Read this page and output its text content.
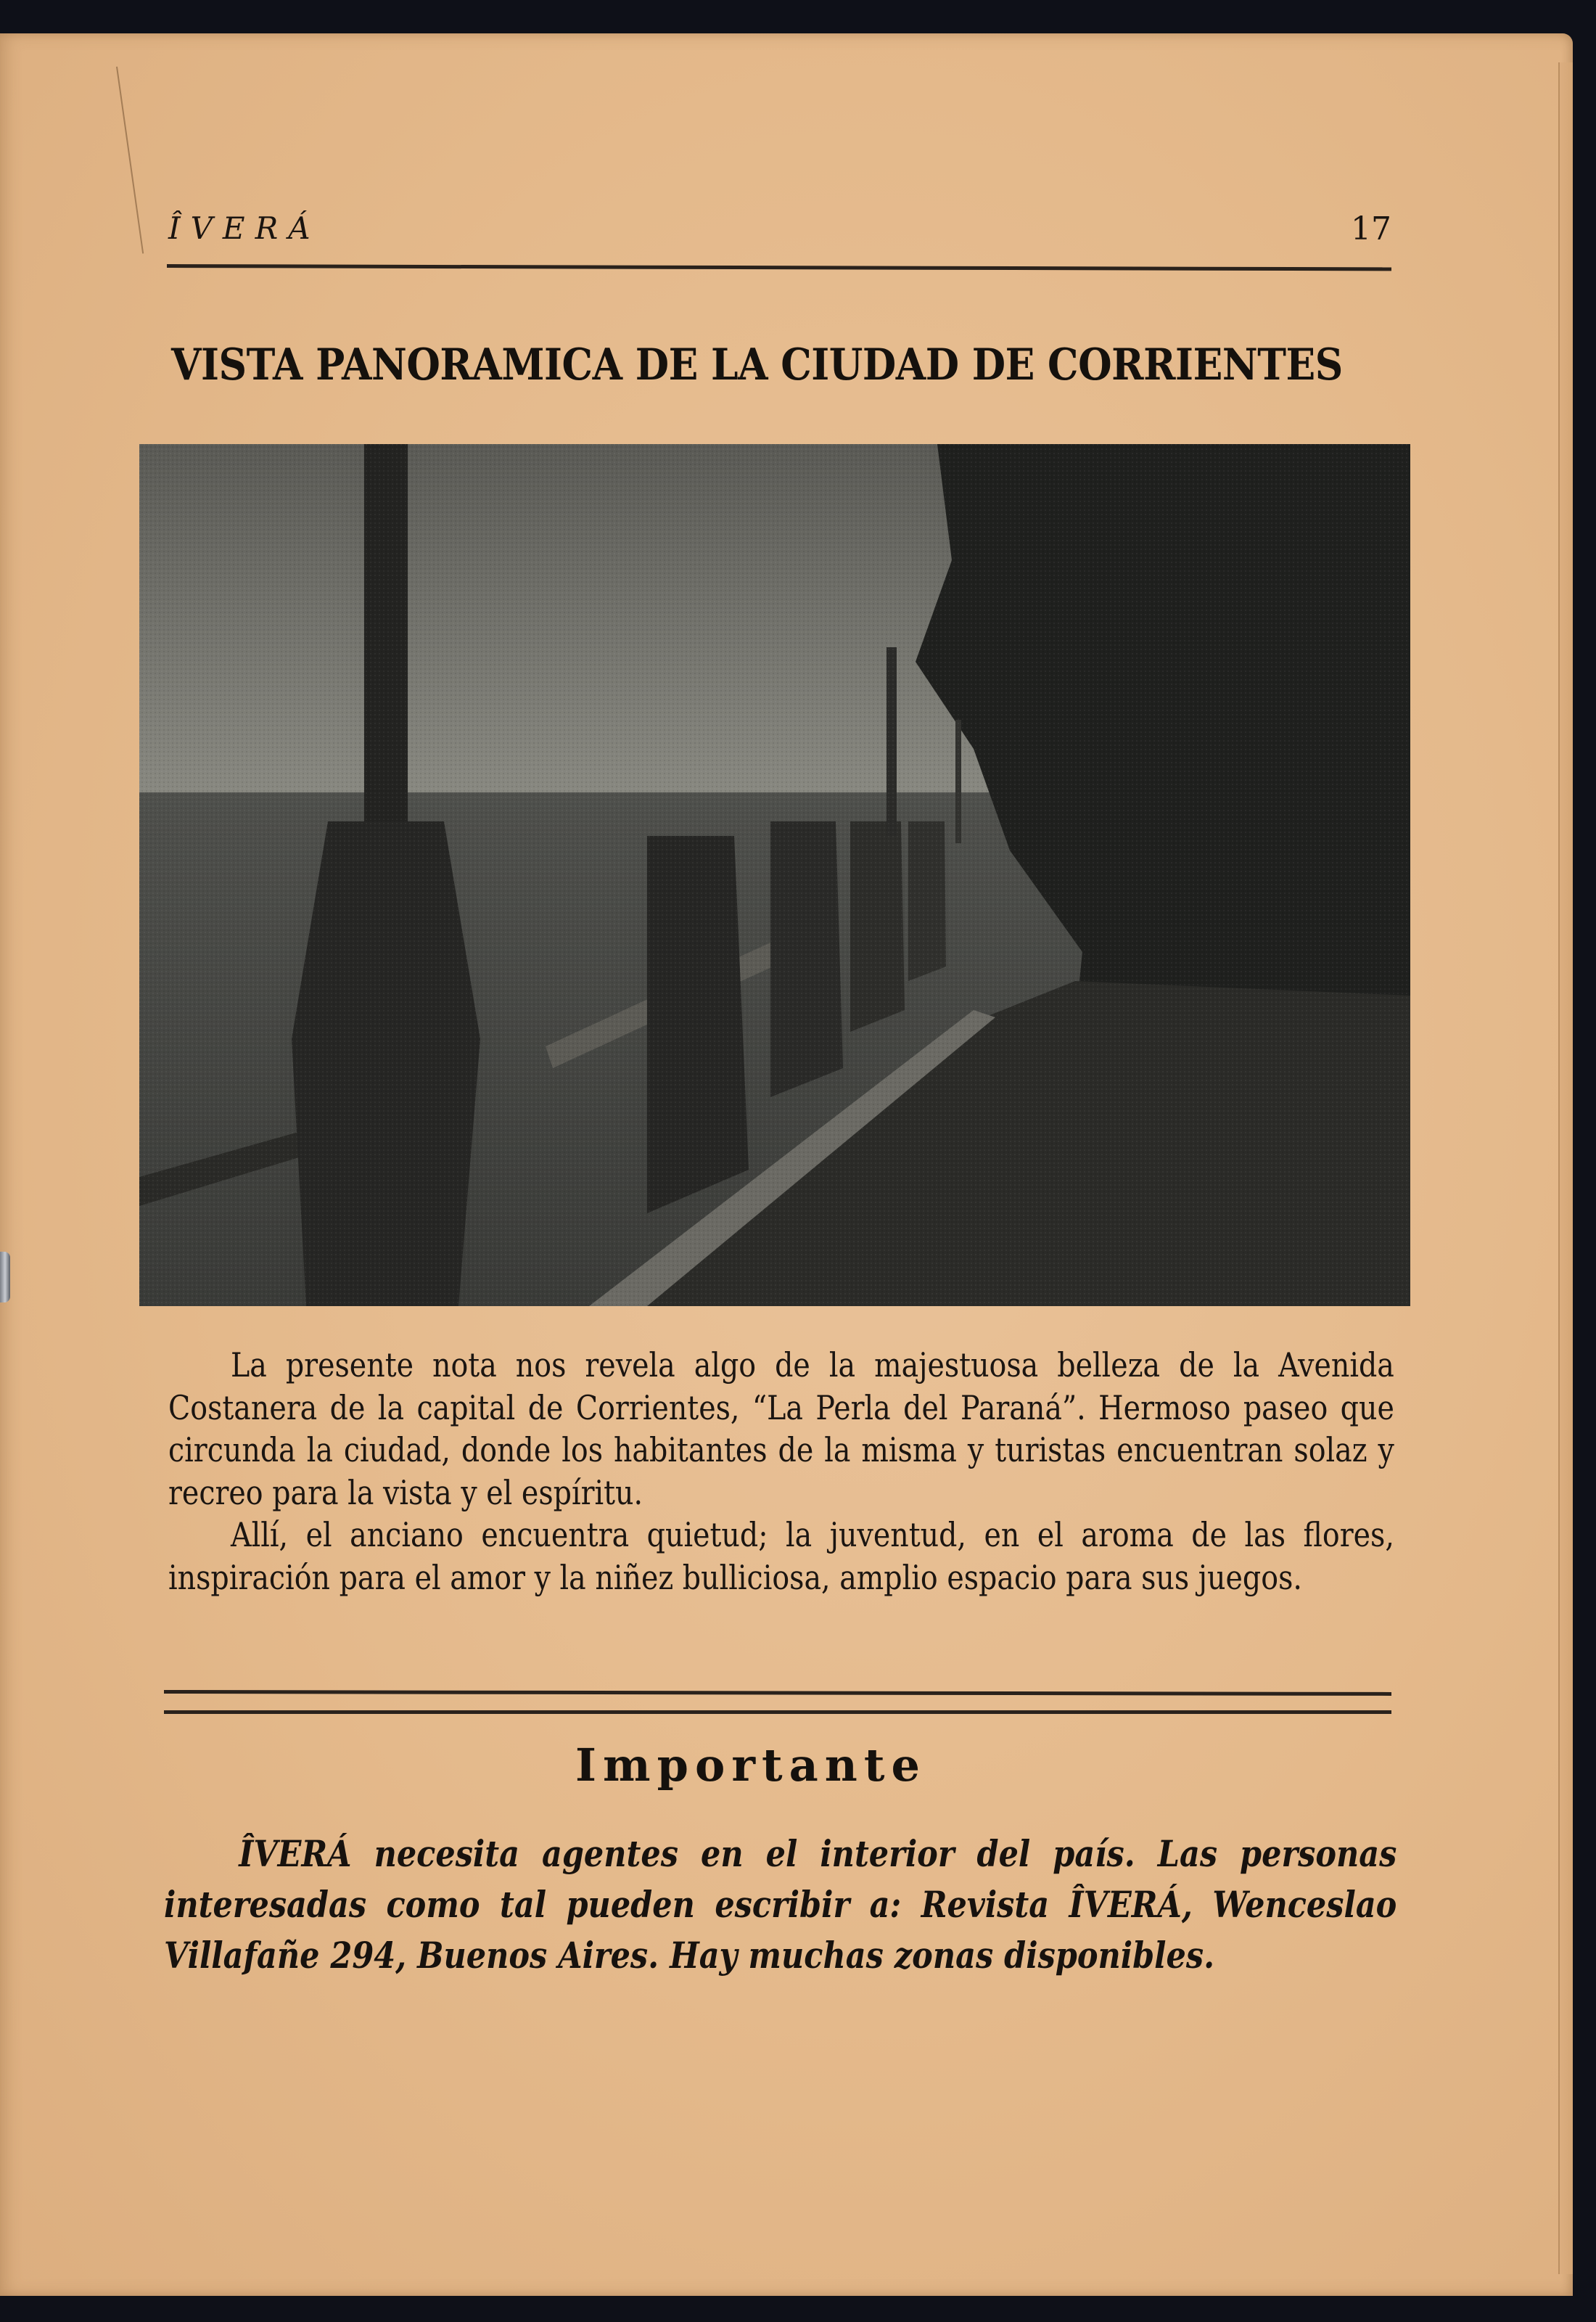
ÎVERÁ	17
VISTA PANORAMICA DE LA CIUDAD DE CORRIENTES

La presente nota nos revela algo de la majestuosa belleza de la Avenida Costanera de la capital de Corrientes, “La Perla del Paraná”. Hermoso paseo que circunda la ciudad, donde los habitantes de la misma y turistas encuentran solaz y recreo para la vista y el espíritu.

Allí, el anciano encuentra quietud; la juventud, en el aroma de las flores, inspiración para el amor y la niñez bulliciosa, amplio espacio para sus juegos.

Importante
ÎVERÁ necesita agentes en el interior del país. Las personas interesadas como tal pueden escribir a: Revista ÎVERÁ, Wenceslao Villafañe 294, Buenos Aires. Hay muchas zonas disponibles.
